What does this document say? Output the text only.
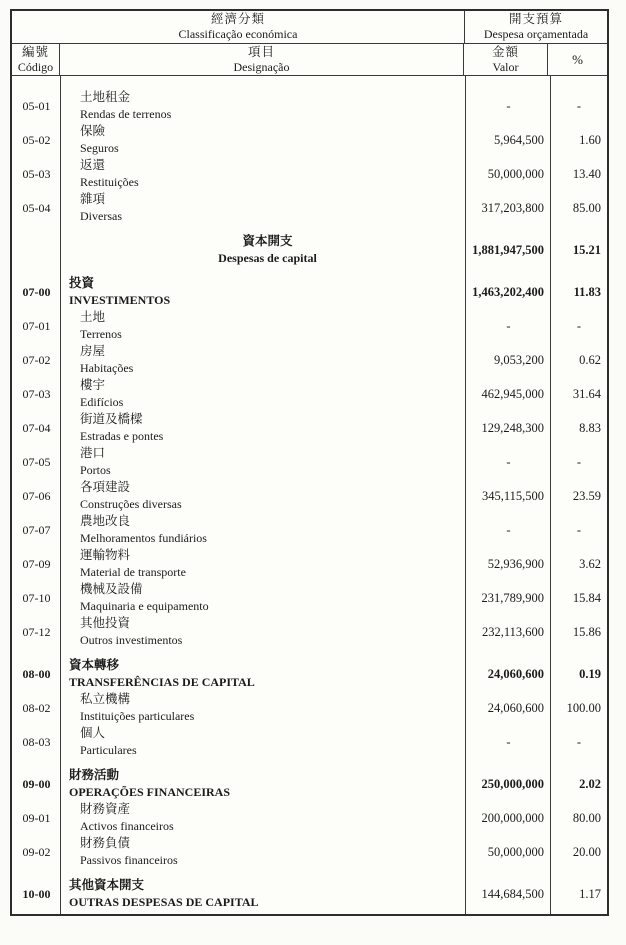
經濟分類
Classificação económica
開支預算
Despesa orçamentada
編號
Código
項目
Designação
金額
Valor	%
05-01
土地租金
Rendas de terrenos
-	-
05-02
保險
Seguros
5,964,500	1.60
05-03
返還
Restituições
50,000,000	13.40
05-04
雜項
Diversas
317,203,800	85.00
資本開支
Despesas de capital
1,881,947,500	15.21
07-00
投資
INVESTIMENTOS
1,463,202,400	11.83
07-01
土地
Terrenos
-	-
07-02
房屋
Habitações
9,053,200	0.62
07-03
樓宇
Edifícios
462,945,000	31.64
07-04
街道及橋樑
Estradas e pontes
129,248,300	8.83
07-05
港口
Portos
-	-
07-06
各項建設
Construções diversas
345,115,500	23.59
07-07
農地改良
Melhoramentos fundiários
-	-
07-09
運輸物料
Material de transporte
52,936,900	3.62
07-10
機械及設備
Maquinaria e equipamento
231,789,900	15.84
07-12
其他投資
Outros investimentos
232,113,600	15.86
08-00
資本轉移
TRANSFERÊNCIAS DE CAPITAL
24,060,600	0.19
08-02
私立機構
Instituições particulares
24,060,600	100.00
08-03
個人
Particulares
-	-
09-00
財務活動
OPERAÇÕES FINANCEIRAS
250,000,000	2.02
09-01
財務資產
Activos financeiros
200,000,000	80.00
09-02
財務負債
Passivos financeiros
50,000,000	20.00
10-00
其他資本開支
OUTRAS DESPESAS DE CAPITAL
144,684,500	1.17
